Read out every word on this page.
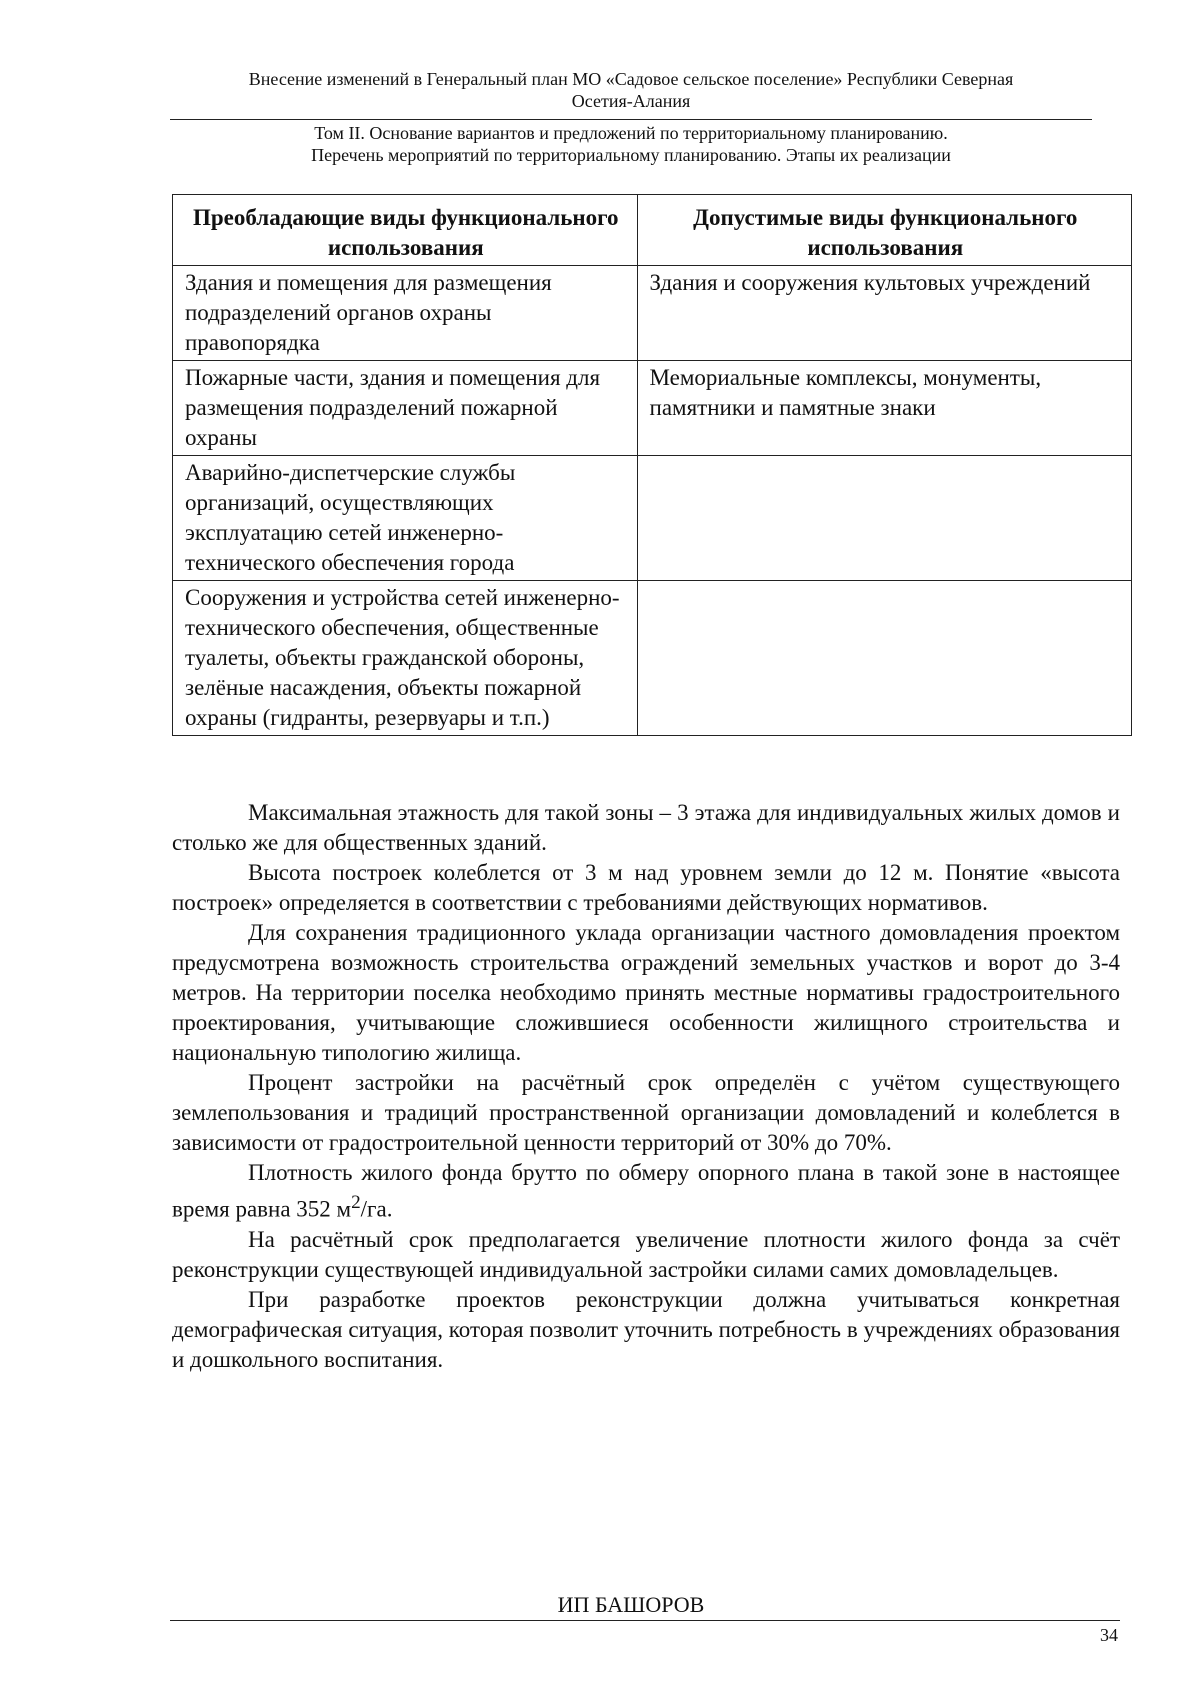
Внесение изменений в Генеральный план МО «Садовое сельское поселение» Республики Северная
Осетия-Алания
Том II. Основание вариантов и предложений по территориальному планированию.
Перечень мероприятий по территориальному планированию. Этапы их реализации
Преобладающие виды функционального использования	Допустимые виды функционального использования
Здания и помещения для размещения подразделений органов охраны правопорядка	Здания и сооружения культовых учреждений
Пожарные части, здания и помещения для размещения подразделений пожарной охраны	Мемориальные комплексы, монументы, памятники и памятные знаки
Аварийно-диспетчерские службы организаций, осуществляющих эксплуатацию сетей инженерно-технического обеспечения города	
Сооружения и устройства сетей инженерно-технического обеспечения, общественные туалеты, объекты гражданской обороны, зелёные насаждения, объекты пожарной охраны (гидранты, резервуары и т.п.)	

Максимальная этажность для такой зоны – 3 этажа для индивидуальных жилых домов и столько же для общественных зданий.

Высота построек колеблется от 3 м над уровнем земли до 12 м. Понятие «высота построек» определяется в соответствии с требованиями действующих нормативов.

Для сохранения традиционного уклада организации частного домовладения проектом предусмотрена возможность строительства ограждений земельных участков и ворот до 3-4 метров. На территории поселка необходимо принять местные нормативы градостроительного проектирования, учитывающие сложившиеся особенности жилищного строительства и национальную типологию жилища.

Процент застройки на расчётный срок определён с учётом существующего землепользования и традиций пространственной организации домовладений и колеблется в зависимости от градостроительной ценности территорий от 30% до 70%.

Плотность жилого фонда брутто по обмеру опорного плана в такой зоне в настоящее время равна 352 $м^2/га$.

На расчётный срок предполагается увеличение плотности жилого фонда за счёт реконструкции существующей индивидуальной застройки силами самих домовладельцев.

При разработке проектов реконструкции должна учитываться конкретная демографическая ситуация, которая позволит уточнить потребность в учреждениях образования и дошкольного воспитания.

ИП БАШОРОВ
34
